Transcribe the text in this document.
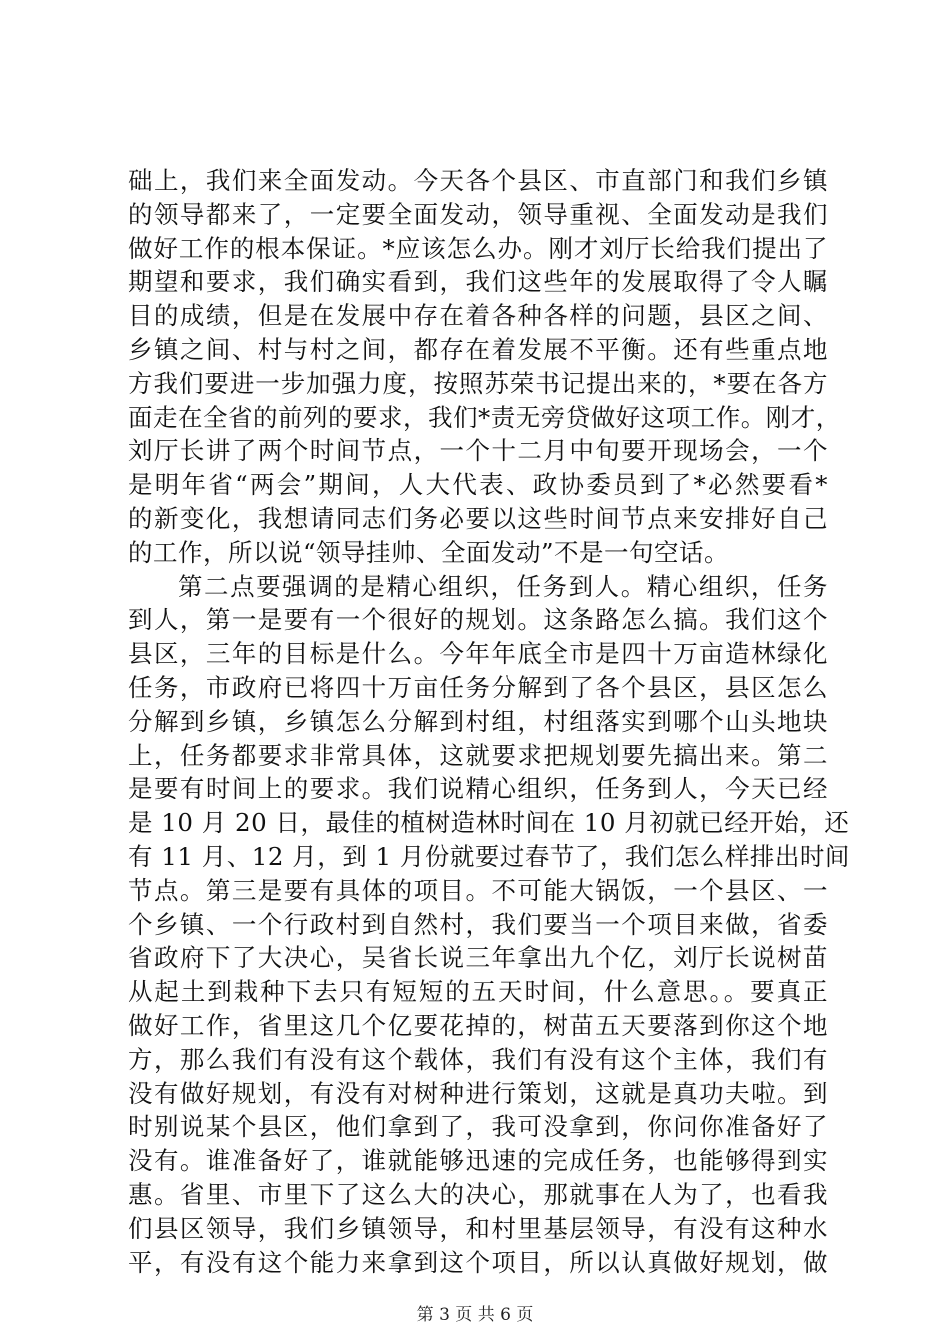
础上，我们来全面发动。今天各个县区、市直部门和我们乡镇
的领导都来了，一定要全面发动，领导重视、全面发动是我们
做好工作的根本保证。*应该怎么办。刚才刘厅长给我们提出了
期望和要求，我们确实看到，我们这些年的发展取得了令人瞩
目的成绩，但是在发展中存在着各种各样的问题，县区之间、
乡镇之间、村与村之间，都存在着发展不平衡。还有些重点地
方我们要进一步加强力度，按照苏荣书记提出来的，*要在各方
面走在全省的前列的要求，我们*责无旁贷做好这项工作。刚才，
刘厅长讲了两个时间节点，一个十二月中旬要开现场会，一个
是明年省“两会”期间，人大代表、政协委员到了*必然要看*
的新变化，我想请同志们务必要以这些时间节点来安排好自己
的工作，所以说“领导挂帅、全面发动”不是一句空话。
第二点要强调的是精心组织，任务到人。精心组织，任务
到人，第一是要有一个很好的规划。这条路怎么搞。我们这个
县区，三年的目标是什么。今年年底全市是四十万亩造林绿化
任务，市政府已将四十万亩任务分解到了各个县区，县区怎么
分解到乡镇，乡镇怎么分解到村组，村组落实到哪个山头地块
上，任务都要求非常具体，这就要求把规划要先搞出来。第二
是要有时间上的要求。我们说精心组织，任务到人，今天已经
是 10 月 20 日，最佳的植树造林时间在 10 月初就已经开始，还
有 11 月、12 月，到 1 月份就要过春节了，我们怎么样排出时间
节点。第三是要有具体的项目。不可能大锅饭，一个县区、一
个乡镇、一个行政村到自然村，我们要当一个项目来做，省委
省政府下了大决心，吴省长说三年拿出九个亿，刘厅长说树苗
从起土到栽种下去只有短短的五天时间，什么意思。。要真正
做好工作，省里这几个亿要花掉的，树苗五天要落到你这个地
方，那么我们有没有这个载体，我们有没有这个主体，我们有
没有做好规划，有没有对树种进行策划，这就是真功夫啦。到
时别说某个县区，他们拿到了，我可没拿到，你问你准备好了
没有。谁准备好了，谁就能够迅速的完成任务，也能够得到实
惠。省里、市里下了这么大的决心，那就事在人为了，也看我
们县区领导，我们乡镇领导，和村里基层领导，有没有这种水
平，有没有这个能力来拿到这个项目，所以认真做好规划，做
第 3 页 共 6 页
